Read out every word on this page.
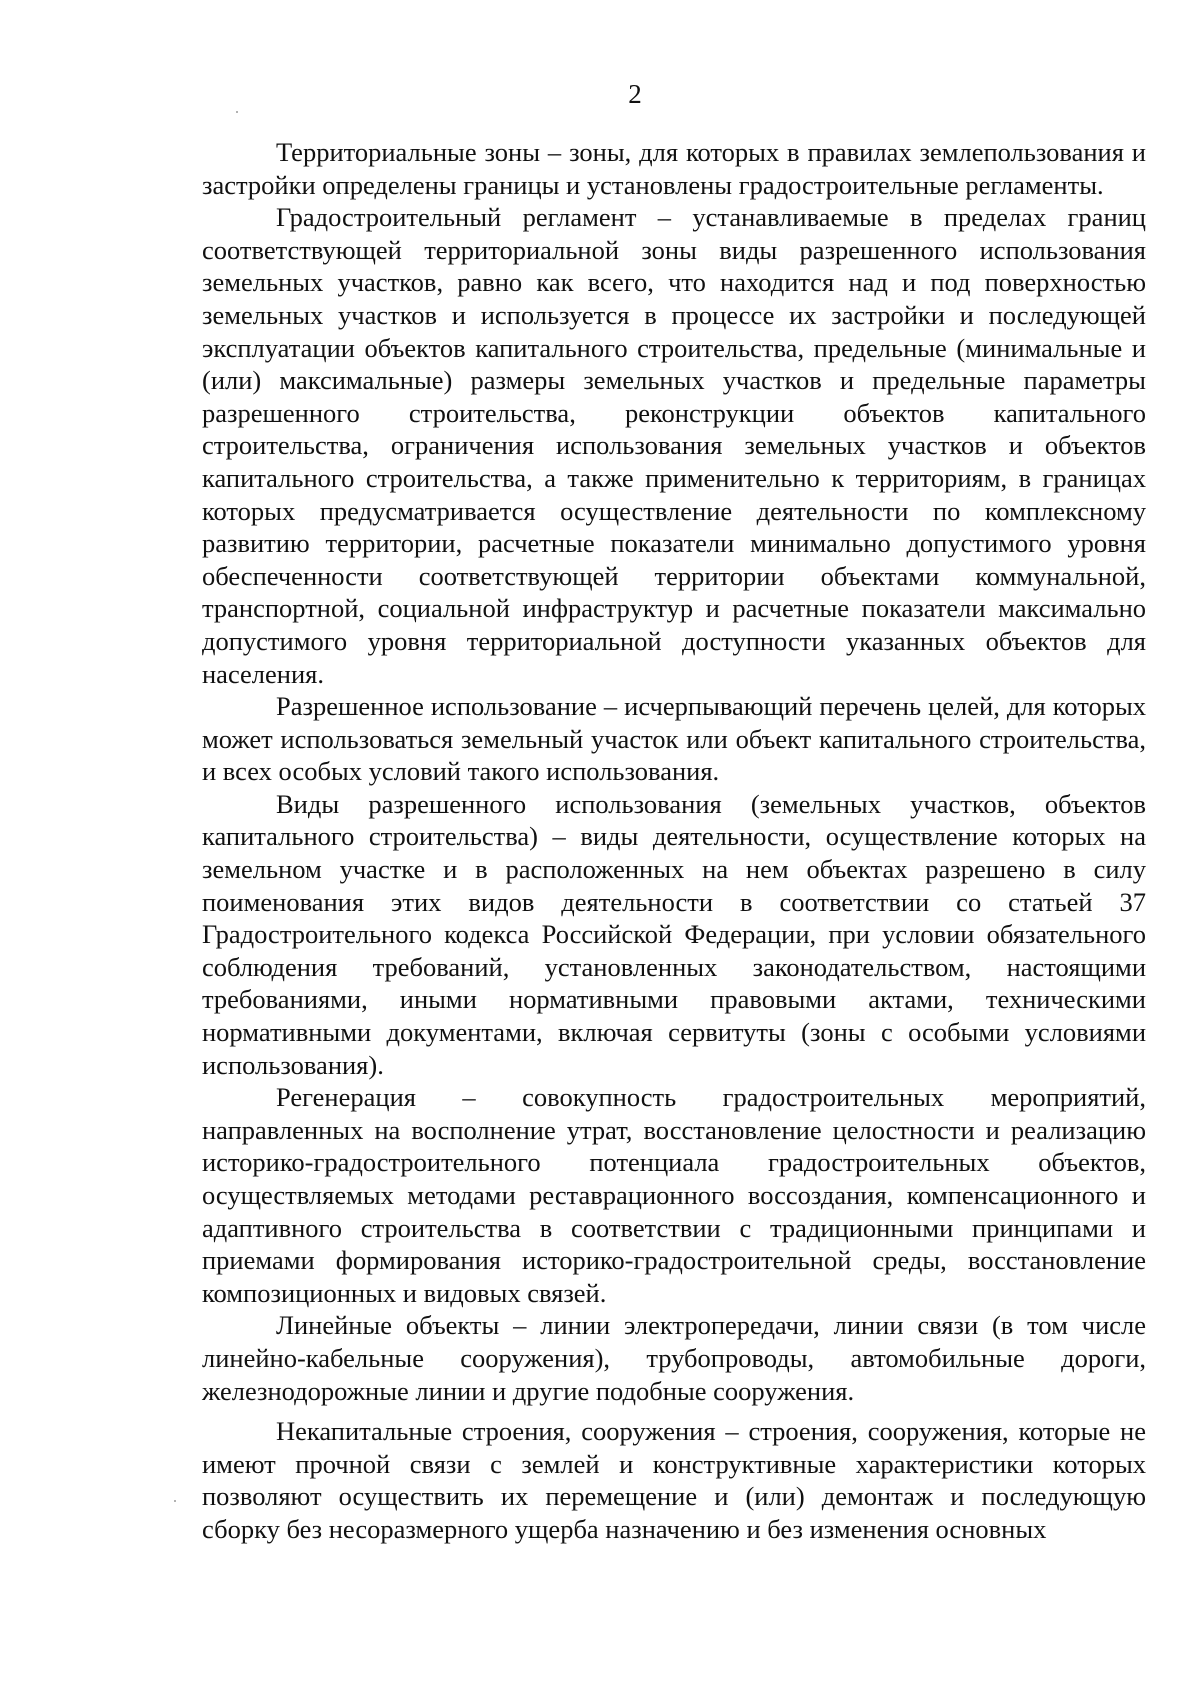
2

Территориальные зоны – зоны, для которых в правилах землепользования и застройки определены границы и установлены градостроительные регламенты.

Градостроительный регламент – устанавливаемые в пределах границ соответствующей территориальной зоны виды разрешенного использования земельных участков, равно как всего, что находится над и под поверхностью земельных участков и используется в процессе их застройки и последующей эксплуатации объектов капитального строительства, предельные (минимальные и (или) максимальные) размеры земельных участков и предельные параметры разрешенного строительства, реконструкции объектов капитального строительства, ограничения использования земельных участков и объектов капитального строительства, а также применительно к территориям, в границах которых предусматривается осуществление деятельности по комплексному развитию территории, расчетные показатели минимально допустимого уровня обеспеченности соответствующей территории объектами коммунальной, транспортной, социальной инфраструктур и расчетные показатели максимально допустимого уровня территориальной доступности указанных объектов для населения.

Разрешенное использование – исчерпывающий перечень целей, для которых может использоваться земельный участок или объект капитального строительства, и всех особых условий такого использования.

Виды разрешенного использования (земельных участков, объектов капитального строительства) – виды деятельности, осуществление которых на земельном участке и в расположенных на нем объектах разрешено в силу поименования этих видов деятельности в соответствии со статьей 37 Градостроительного кодекса Российской Федерации, при условии обязательного соблюдения требований, установленных законодательством, настоящими требованиями, иными нормативными правовыми актами, техническими нормативными документами, включая сервитуты (зоны с особыми условиями использования).

Регенерация – совокупность градостроительных мероприятий, направленных на восполнение утрат, восстановление целостности и реализацию историко-градостроительного потенциала градостроительных объектов, осуществляемых методами реставрационного воссоздания, компенсационного и адаптивного строительства в соответствии с традиционными принципами и приемами формирования историко-градостроительной среды, восстановление композиционных и видовых связей.

Линейные объекты – линии электропередачи, линии связи (в том числе линейно-кабельные сооружения), трубопроводы, автомобильные дороги, железнодорожные линии и другие подобные сооружения.

Некапитальные строения, сооружения – строения, сооружения, которые не имеют прочной связи с землей и конструктивные характеристики которых позволяют осуществить их перемещение и (или) демонтаж и последующую сборку без несоразмерного ущерба назначению и без изменения основных
